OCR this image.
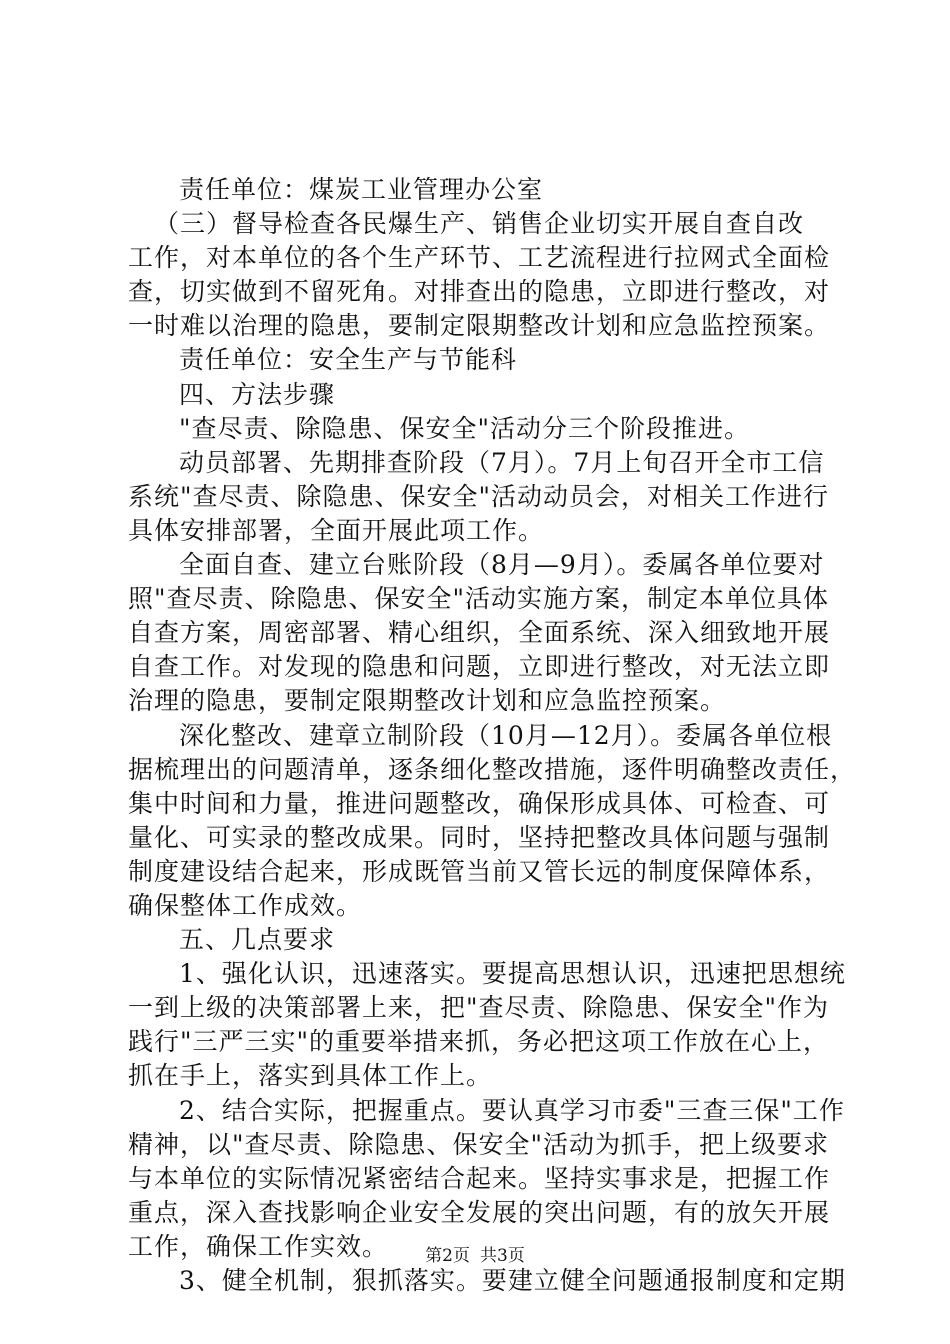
责任单位：煤炭工业管理办公室
（三）督导检查各民爆生产、销售企业切实开展自查自改
工作，对本单位的各个生产环节、工艺流程进行拉网式全面检
查，切实做到不留死角。对排查出的隐患，立即进行整改，对
一时难以治理的隐患，要制定限期整改计划和应急监控预案。
责任单位：安全生产与节能科
四、方法步骤
"查尽责、除隐患、保安全"活动分三个阶段推进。
动员部署、先期排查阶段（7月）。7月上旬召开全市工信
系统"查尽责、除隐患、保安全"活动动员会，对相关工作进行
具体安排部署，全面开展此项工作。
全面自查、建立台账阶段（8月—9月）。委属各单位要对
照"查尽责、除隐患、保安全"活动实施方案，制定本单位具体
自查方案，周密部署、精心组织，全面系统、深入细致地开展
自查工作。对发现的隐患和问题，立即进行整改，对无法立即
治理的隐患，要制定限期整改计划和应急监控预案。
深化整改、建章立制阶段（10月—12月）。委属各单位根
据梳理出的问题清单，逐条细化整改措施，逐件明确整改责任，
集中时间和力量，推进问题整改，确保形成具体、可检查、可
量化、可实录的整改成果。同时，坚持把整改具体问题与强制
制度建设结合起来，形成既管当前又管长远的制度保障体系，
确保整体工作成效。
五、几点要求
1、强化认识，迅速落实。要提高思想认识，迅速把思想统
一到上级的决策部署上来，把"查尽责、除隐患、保安全"作为
践行"三严三实"的重要举措来抓，务必把这项工作放在心上，
抓在手上，落实到具体工作上。
2、结合实际，把握重点。要认真学习市委"三查三保"工作
精神，以"查尽责、除隐患、保安全"活动为抓手，把上级要求
与本单位的实际情况紧密结合起来。坚持实事求是，把握工作
重点，深入查找影响企业安全发展的突出问题，有的放矢开展
工作，确保工作实效。
3、健全机制，狠抓落实。要建立健全问题通报制度和定期
第2页 共3页
